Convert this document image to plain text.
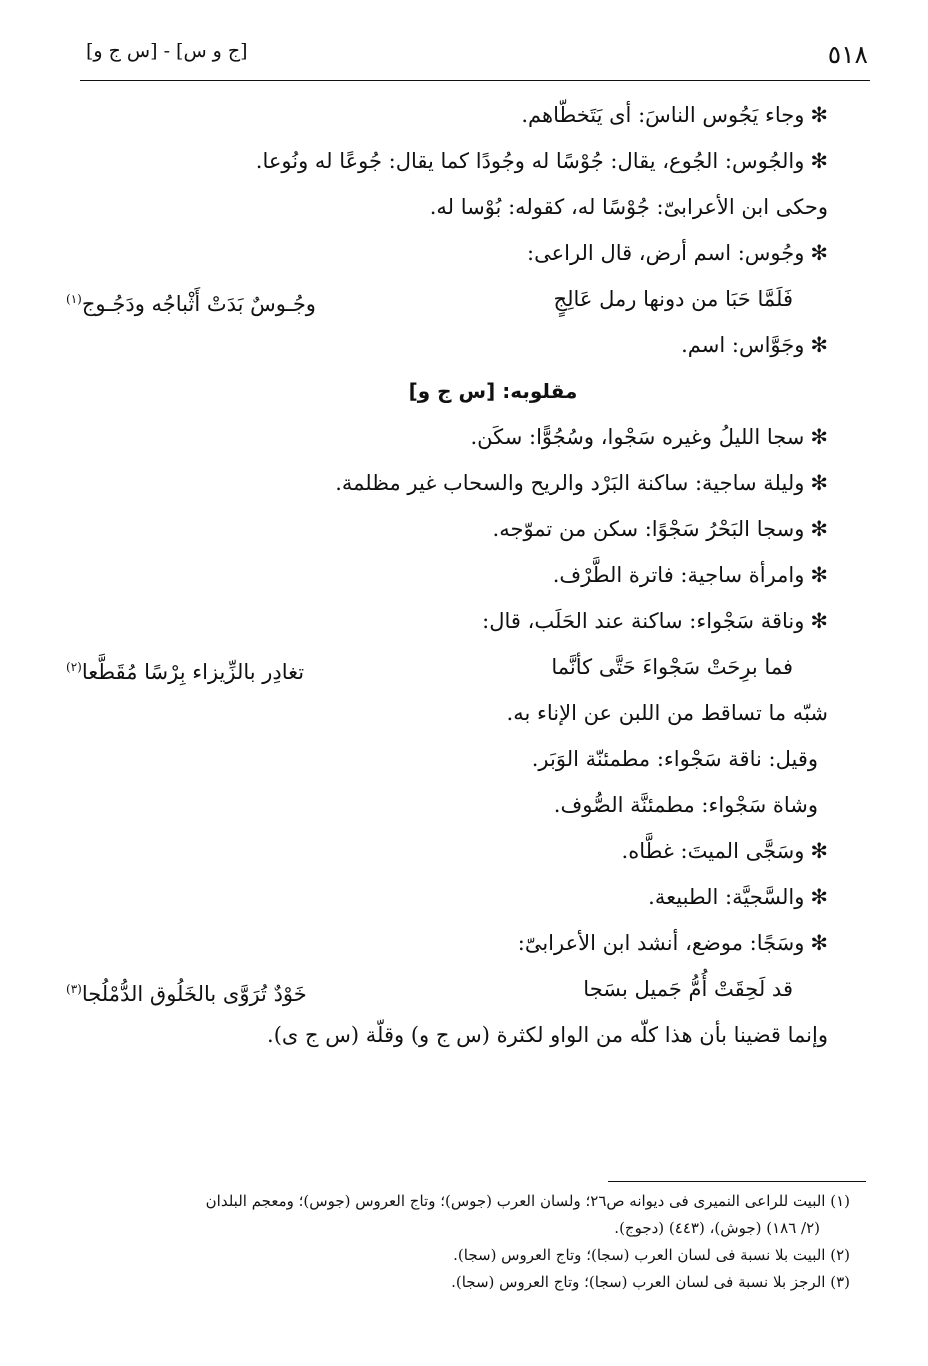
٥١٨
[ج و س] - [س ج و]
✻وجاء يَجُوس الناسَ: أى يَتَخطّاهم.
✻والجُوس: الجُوع، يقال: جُوْسًا له وجُودًا كما يقال: جُوعًا له ونُوعا.
وحكى ابن الأعرابىّ: جُوْسًا له، كقوله: بُوْسا له.
✻وجُوس: اسم أرض، قال الراعى:
فَلَمَّا حَبَا من دونها رمل عَالِجٍ
وجُـوسٌ بَدَتْ أَثْباجُه ودَجُـوج$^{(١)}$
✻وجَوَّاس: اسم.
مقلوبه: [س ج و]
✻سجا الليلُ وغيره سَجْوا، وسُجُوًّا: سكَن.
✻وليلة ساجية: ساكنة البَرْد والريح والسحاب غير مظلمة.
✻وسجا البَحْرُ سَجْوًا: سكن من تموّجه.
✻وامرأة ساجية: فاترة الطَّرْف.
✻وناقة سَجْواء: ساكنة عند الحَلَب، قال:
فما برِحَتْ سَجْواءَ حَتَّى كأنَّما
تغادِر بالزِّيزاء بِرْسًا مُقَطَّعا$^{(٢)}$
شبّه ما تساقط من اللبن عن الإناء به.
وقيل: ناقة سَجْواء: مطمئنّة الوَبَر.
وشاة سَجْواء: مطمئنَّة الصُّوف.
✻وسَجَّى الميتَ: غطَّاه.
✻والسَّجيَّة: الطبيعة.
✻وسَجًا: موضع، أنشد ابن الأعرابىّ:
قد لَحِقَتْ أُمُّ جَميل بسَجا
خَوْدٌ تُرَوَّى بالخَلُوق الدُّمْلُجا$^{(٣)}$
وإنما قضينا بأن هذا كلّه من الواو لكثرة (س ج و) وقلّة (س ج ى).
(١) البيت للراعى النميرى فى ديوانه ص٢٦؛ ولسان العرب (جوس)؛ وتاج العروس (جوس)؛ ومعجم البلدان
(٢/ ١٨٦) (جوش)، (٤٤٣) (دجوج).
(٢) البيت بلا نسبة فى لسان العرب (سجا)؛ وتاج العروس (سجا).
(٣) الرجز بلا نسبة فى لسان العرب (سجا)؛ وتاج العروس (سجا).
